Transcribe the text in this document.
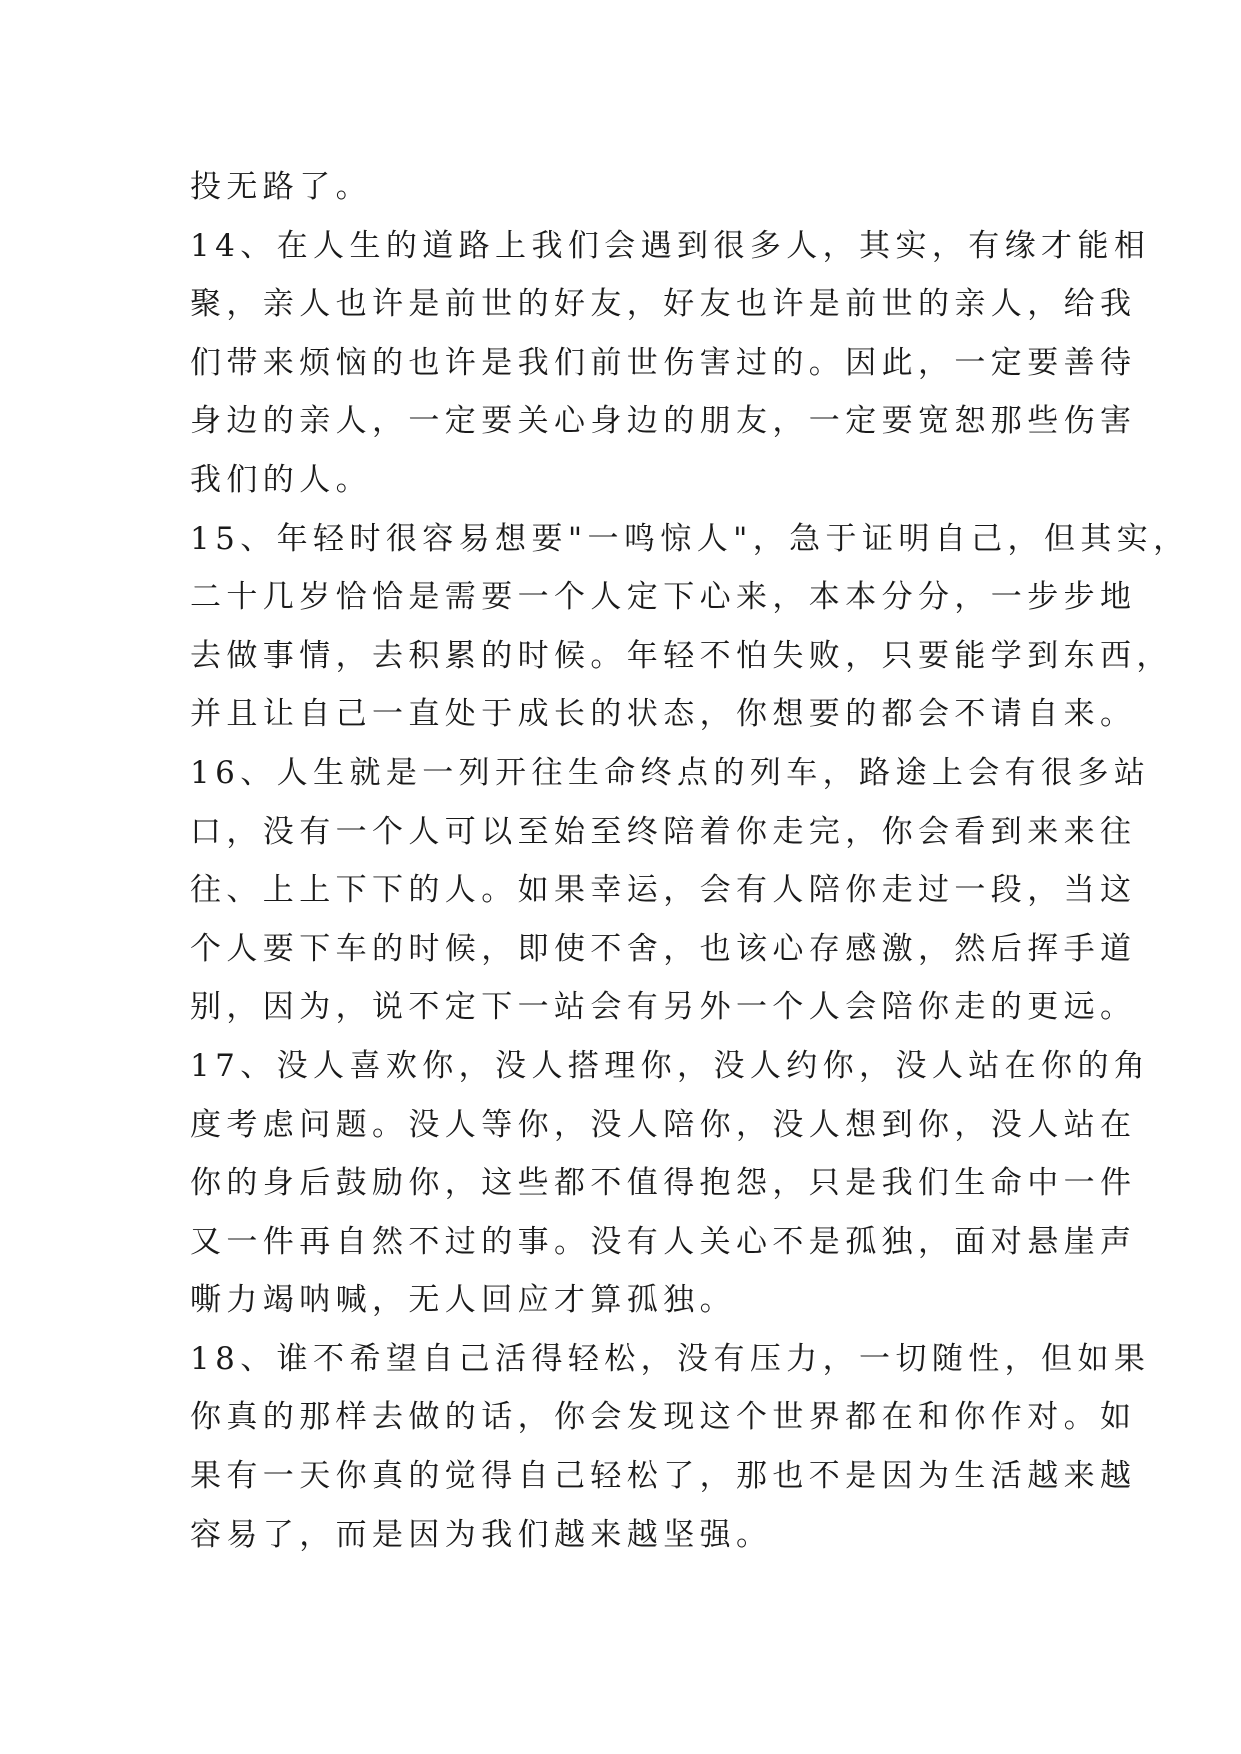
投无路了。
14、在人生的道路上我们会遇到很多人，其实，有缘才能相
聚，亲人也许是前世的好友，好友也许是前世的亲人，给我
们带来烦恼的也许是我们前世伤害过的。因此，一定要善待
身边的亲人，一定要关心身边的朋友，一定要宽恕那些伤害
我们的人。
15、年轻时很容易想要"一鸣惊人"，急于证明自己，但其实，
二十几岁恰恰是需要一个人定下心来，本本分分，一步步地
去做事情，去积累的时候。年轻不怕失败，只要能学到东西，
并且让自己一直处于成长的状态，你想要的都会不请自来。
16、人生就是一列开往生命终点的列车，路途上会有很多站
口，没有一个人可以至始至终陪着你走完，你会看到来来往
往、上上下下的人。如果幸运，会有人陪你走过一段，当这
个人要下车的时候，即使不舍，也该心存感激，然后挥手道
别，因为，说不定下一站会有另外一个人会陪你走的更远。
17、没人喜欢你，没人搭理你，没人约你，没人站在你的角
度考虑问题。没人等你，没人陪你，没人想到你，没人站在
你的身后鼓励你，这些都不值得抱怨，只是我们生命中一件
又一件再自然不过的事。没有人关心不是孤独，面对悬崖声
嘶力竭呐喊，无人回应才算孤独。
18、谁不希望自己活得轻松，没有压力，一切随性，但如果
你真的那样去做的话，你会发现这个世界都在和你作对。如
果有一天你真的觉得自己轻松了，那也不是因为生活越来越
容易了，而是因为我们越来越坚强。
